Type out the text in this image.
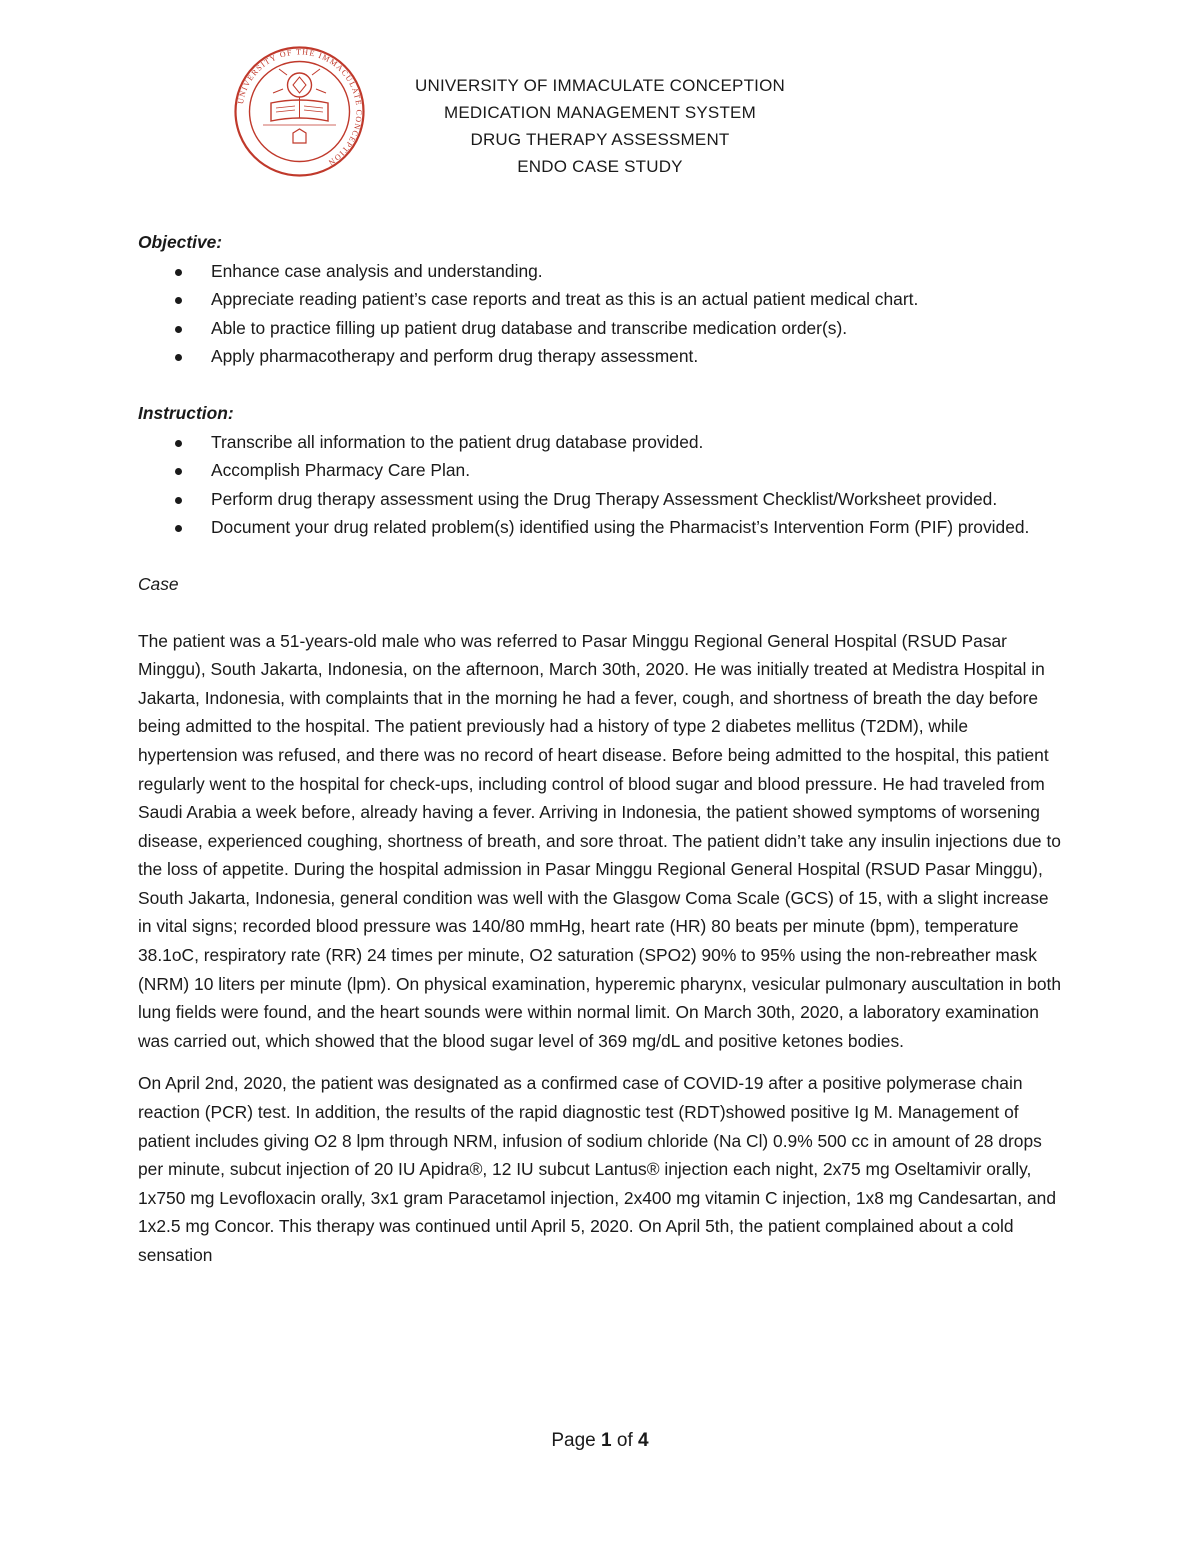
UNIVERSITY OF THE IMMACULATE CONCEPTION
UNIVERSITY OF IMMACULATE CONCEPTION
MEDICATION MANAGEMENT SYSTEM
DRUG THERAPY ASSESSMENT
ENDO CASE STUDY

Objective:

Enhance case analysis and understanding.
Appreciate reading patient’s case reports and treat as this is an actual patient medical chart.
Able to practice filling up patient drug database and transcribe medication order(s).
Apply pharmacotherapy and perform drug therapy assessment.

Instruction:

Transcribe all information to the patient drug database provided.
Accomplish Pharmacy Care Plan.
Perform drug therapy assessment using the Drug Therapy Assessment Checklist/Worksheet provided.
Document your drug related problem(s) identified using the Pharmacist’s Intervention Form (PIF) provided.

Case

The patient was a 51-years-old male who was referred to Pasar Minggu Regional General Hospital (RSUD Pasar Minggu), South Jakarta, Indonesia, on the afternoon, March 30th, 2020. He was initially treated at Medistra Hospital in Jakarta, Indonesia, with complaints that in the morning he had a fever, cough, and shortness of breath the day before being admitted to the hospital. The patient previously had a history of type 2 diabetes mellitus (T2DM), while hypertension was refused, and there was no record of heart disease. Before being admitted to the hospital, this patient regularly went to the hospital for check-ups, including control of blood sugar and blood pressure. He had traveled from Saudi Arabia a week before, already having a fever. Arriving in Indonesia, the patient showed symptoms of worsening disease, experienced coughing, shortness of breath, and sore throat. The patient didn’t take any insulin injections due to the loss of appetite. During the hospital admission in Pasar Minggu Regional General Hospital (RSUD Pasar Minggu), South Jakarta, Indonesia, general condition was well with the Glasgow Coma Scale (GCS) of 15, with a slight increase in vital signs; recorded blood pressure was 140/80 mmHg, heart rate (HR) 80 beats per minute (bpm), temperature 38.1oC, respiratory rate (RR) 24 times per minute, O2 saturation (SPO2) 90% to 95% using the non-rebreather mask (NRM) 10 liters per minute (lpm). On physical examination, hyperemic pharynx, vesicular pulmonary auscultation in both lung fields were found, and the heart sounds were within normal limit. On March 30th, 2020, a laboratory examination was carried out, which showed that the blood sugar level of 369 mg/dL and positive ketones bodies.

On April 2nd, 2020, the patient was designated as a confirmed case of COVID-19 after a positive polymerase chain reaction (PCR) test. In addition, the results of the rapid diagnostic test (RDT)showed positive Ig M. Management of patient includes giving O2 8 lpm through NRM, infusion of sodium chloride (Na Cl) 0.9% 500 cc in amount of 28 drops per minute, subcut injection of 20 IU Apidra®, 12 IU subcut Lantus® injection each night, 2x75 mg Oseltamivir orally, 1x750 mg Levofloxacin orally, 3x1 gram Paracetamol injection, 2x400 mg vitamin C injection, 1x8 mg Candesartan, and 1x2.5 mg Concor. This therapy was continued until April 5, 2020. On April 5th, the patient complained about a cold sensation

Page 1 of 4
